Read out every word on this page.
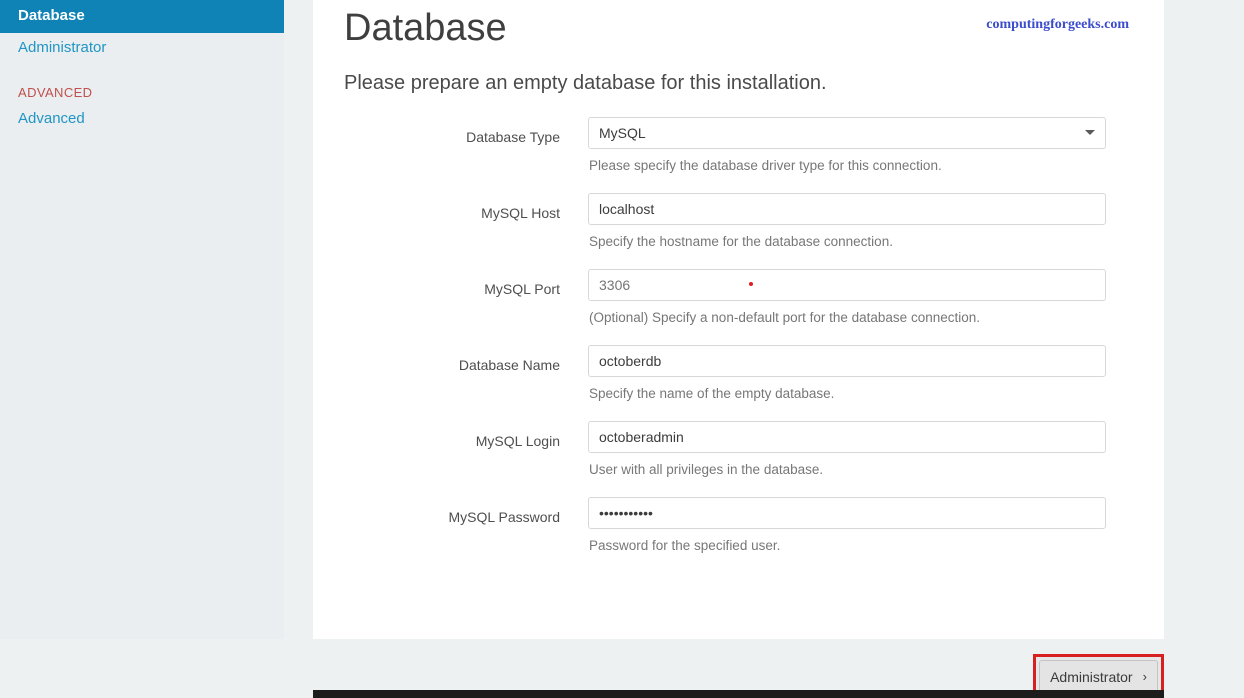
Database
Administrator
ADVANCED
Advanced
computingforgeeks.com
Database

Please prepare an empty database for this installation.

Database Type
MySQL
Please specify the database driver type for this connection.
MySQL Host
localhost
Specify the hostname for the database connection.
MySQL Port
3306
(Optional) Specify a non-default port for the database connection.
Database Name
octoberdb
Specify the name of the empty database.
MySQL Login
octoberadmin
User with all privileges in the database.
MySQL Password
•••••••••••
Password for the specified user.
Administrator ›
